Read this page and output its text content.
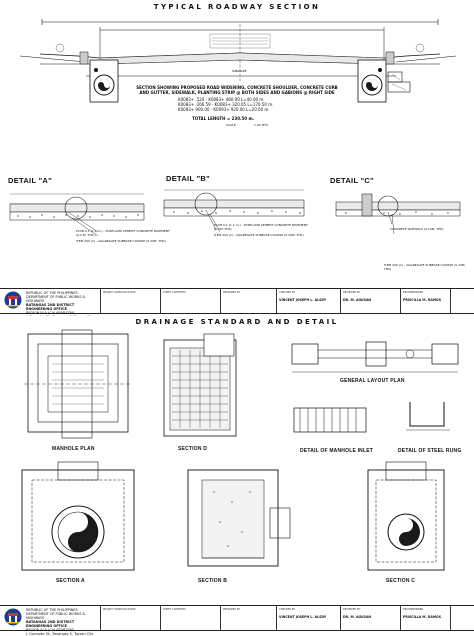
TYPICAL ROADWAY SECTION
SUBGRADE
SECTION SHOWING PROPOSED ROAD WIDENING, CONCRETE SHOULDER, CONCRETE CURB
AND GUTTER, SIDEWALK, PLANTING STRIP @ BOTH SIDES AND GABIONS @ RIGHT SIDE
K0083+ .520 - K0083+ 480.00 L=40.00 m.
K0083+ .266.59 - K0083+ 320.05 L=170.50 m.
K0093+ 900.00 - K0093+ 920.00 L=20.00 m.
TOTAL LENGTH = 230.50 m.
SCALE	1:40 MTS
DETAIL "A"	DETAIL "B"	DETAIL "C"
PCCB 0.1 (1.1 m.) - PORTLAND CEMENT CONCRETE PAVEMENT (0.2 M. THK.)
ITEM 200 (1) - AGGREGATE SUBBASE COURSE (0.20M. THK)
PCCB 0.1 (1.1 m.) - PORTLAND CEMENT CONCRETE PAVEMENT (0.2M. THK)
ITEM 200 (1) - AGGREGATE SUBBASE COURSE (0.20M. THK)
CONCRETE SIDEWALK (0.10M. THK)
ITEM 200 (1) - AGGREGATE SUBBASE COURSE (0.10M. THK)
REPUBLIC OF THE PHILIPPINES
DEPARTMENT OF PUBLIC WORKS & HIGHWAYS
BATANGAS 2ND DISTRICT ENGINEERING OFFICE
REGION IV-A (CALABARZON)
PROJECT NAME/LOCATION	SHEET CONTENTS	PREPARED BY	CHECKED BY
VINCENT JOSEPH L. ALSDY
REVIEWED BY
DR. M. AGUSAN
RECOMMENDED
PRISCILLA M. RAMOS
DRAINAGE STANDARD AND DETAIL
MANHOLE PLAN	SECTION D
GENERAL LAYOUT PLAN
DETAIL OF MANHOLE INLET	DETAIL OF STEEL RUNG
SECTION A	SECTION B	SECTION C
REPUBLIC OF THE PHILIPPINES
DEPARTMENT OF PUBLIC WORKS & HIGHWAYS
BATANGAS 2ND DISTRICT ENGINEERING OFFICE
REGION IV-A (CALABARZON)
J. Gonzales St., Barangay 5, Taysan City
PROJECT NAME/LOCATION	SHEET CONTENTS	PREPARED BY	CHECKED BY
VINCENT JOSEPH L. ALSDY
REVIEWED BY
DR. M. AGUSAN
RECOMMENDED
PRISCILLA M. RAMOS
